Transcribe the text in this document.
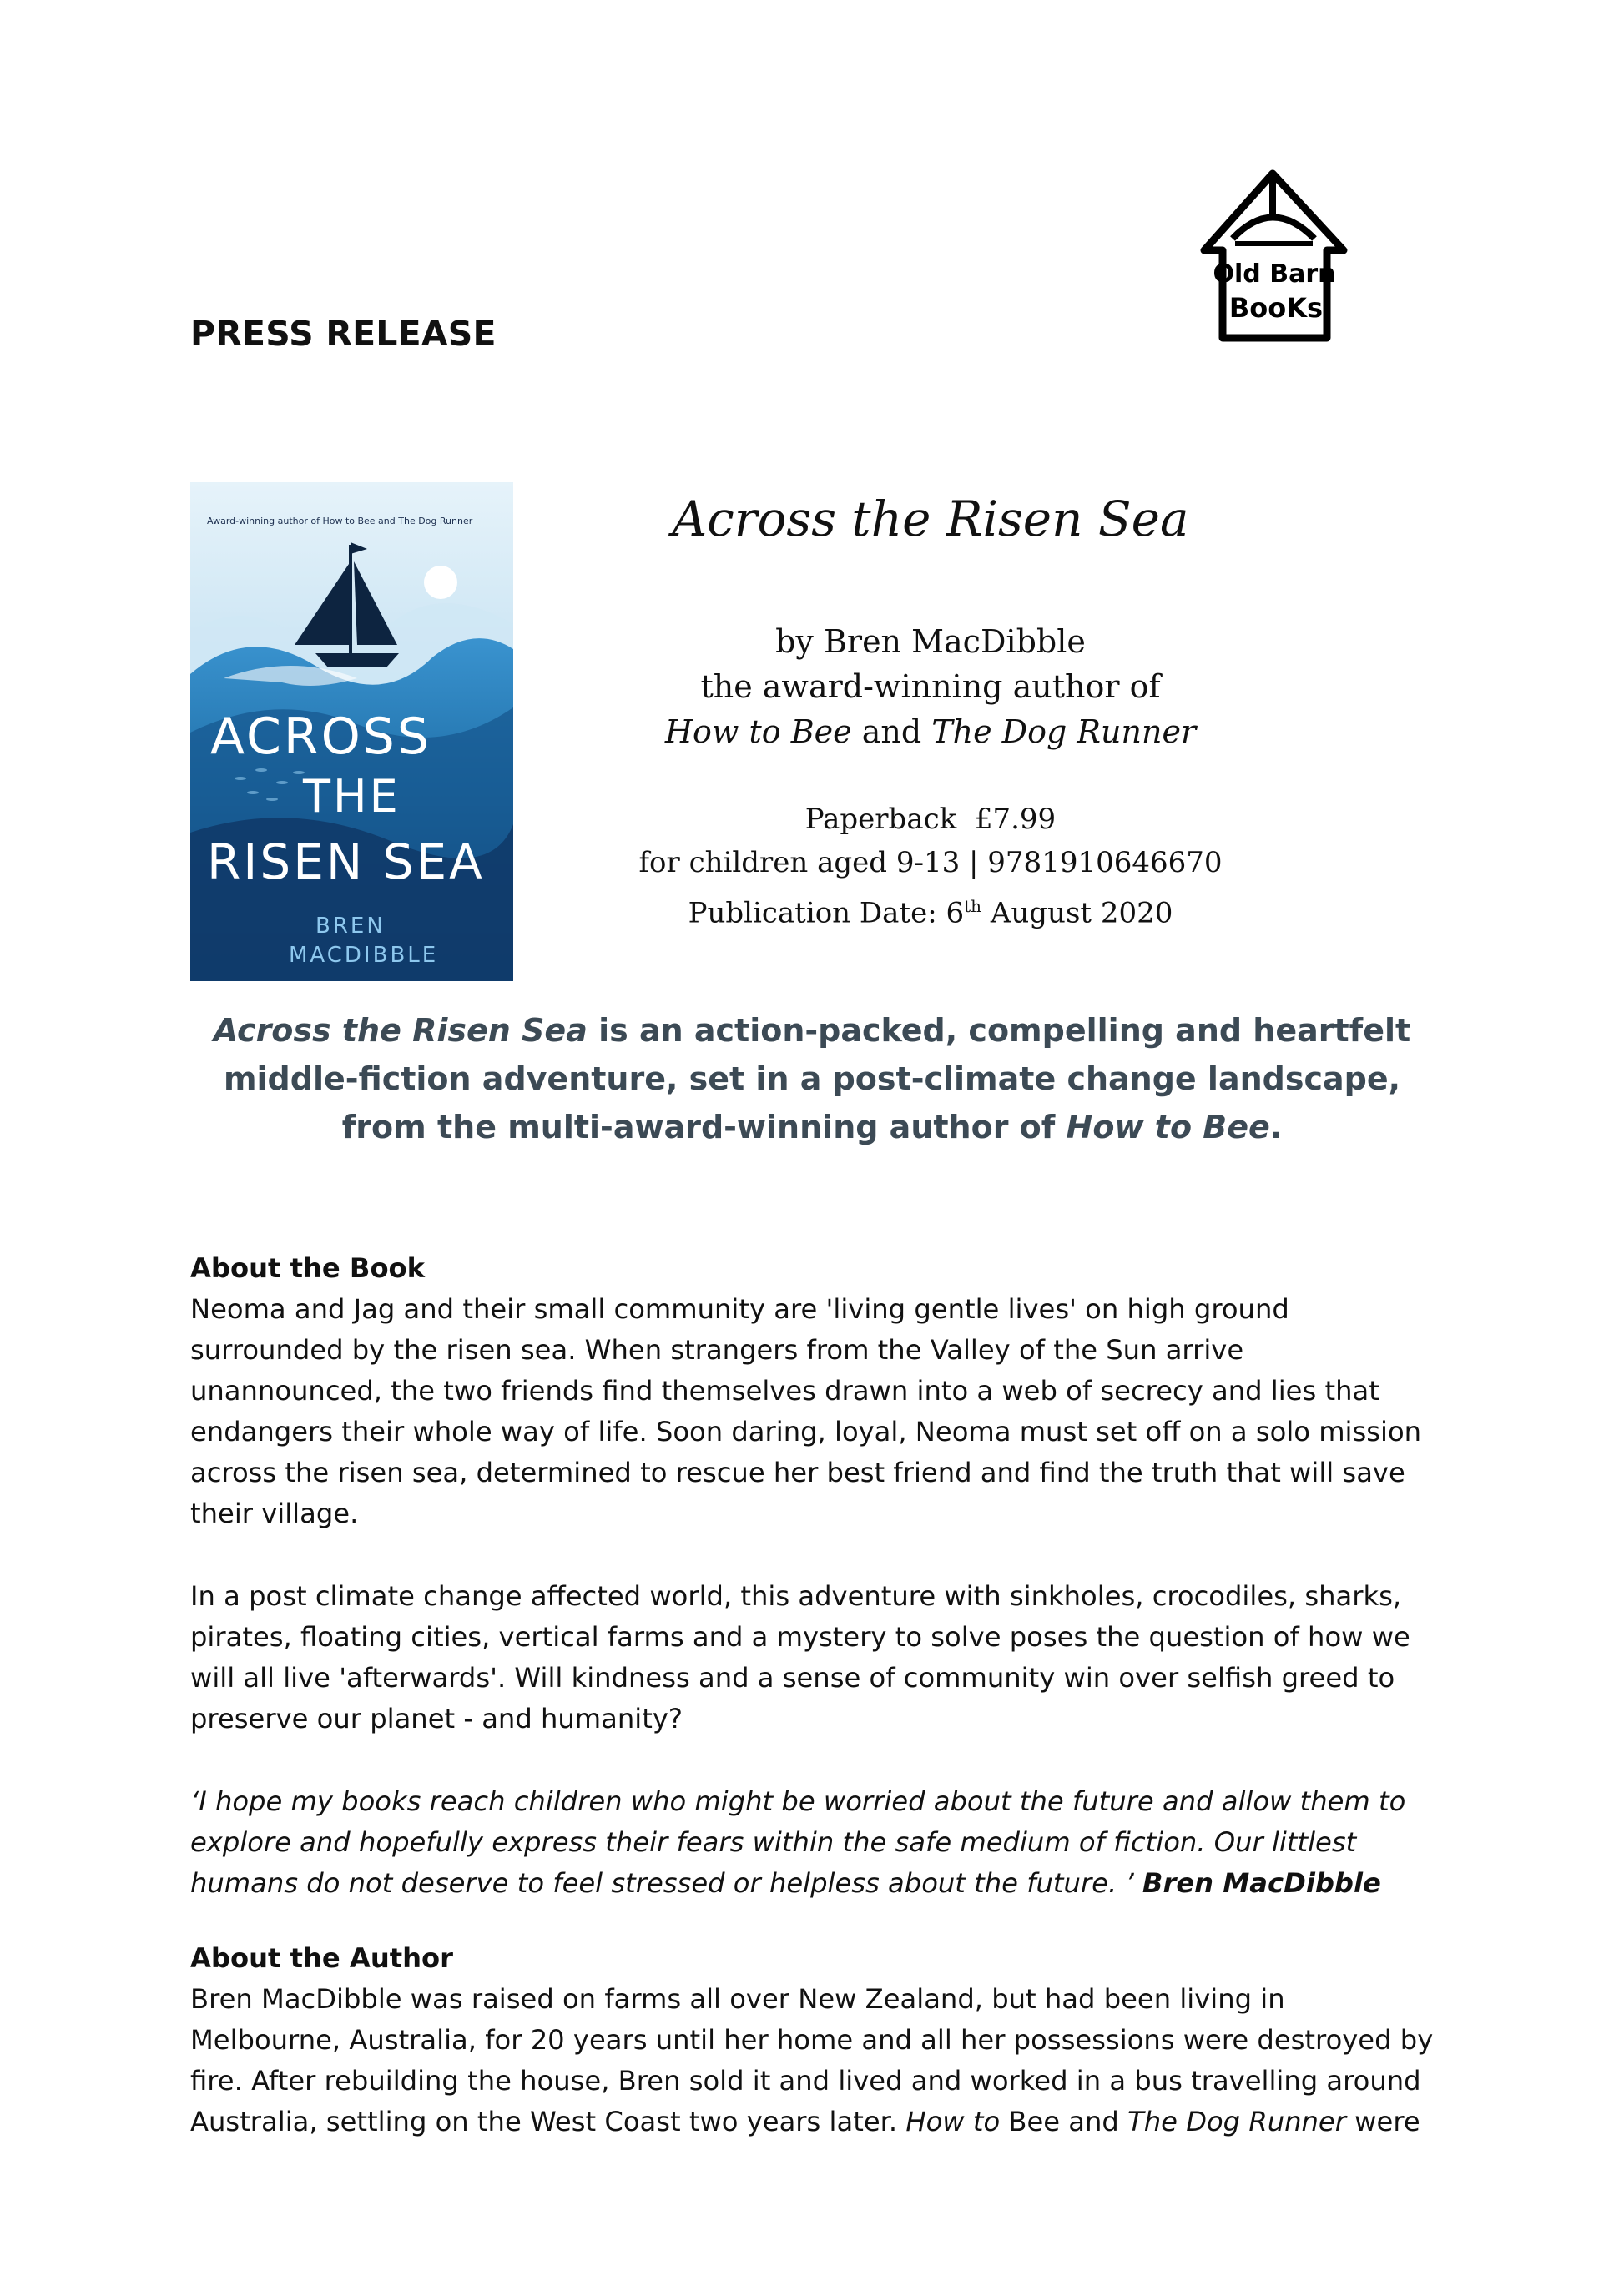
PRESS RELEASE
Old Barn
BooKs
Award-winning author of How to Bee and The Dog Runner
ACROSS
THE
RISEN SEA
BREN
MACDIBBLE
Across the Risen Sea
by Bren MacDibble
the award-winning author of
How to Bee and The Dog Runner
Paperback  £7.99
for children aged 9-13 | 9781910646670
Publication Date: 6th August 2020
Across the Risen Sea is an action-packed, compelling and heartfelt middle-fiction adventure, set in a post-climate change landscape, from the multi-award-winning author of How to Bee.
About the Book
Neoma and Jag and their small community are 'living gentle lives' on high ground surrounded by the risen sea. When strangers from the Valley of the Sun arrive unannounced, the two friends find themselves drawn into a web of secrecy and lies that endangers their whole way of life. Soon daring, loyal, Neoma must set off on a solo mission across the risen sea, determined to rescue her best friend and find the truth that will save their village.
In a post climate change affected world, this adventure with sinkholes, crocodiles, sharks, pirates, floating cities, vertical farms and a mystery to solve poses the question of how we will all live 'afterwards'. Will kindness and a sense of community win over selfish greed to preserve our planet - and humanity?
‘I hope my books reach children who might be worried about the future and allow them to explore and hopefully express their fears within the safe medium of fiction. Our littlest humans do not deserve to feel stressed or helpless about the future. ’ Bren MacDibble
About the Author
Bren MacDibble was raised on farms all over New Zealand, but had been living in Melbourne, Australia, for 20 years until her home and all her possessions were destroyed by fire. After rebuilding the house, Bren sold it and lived and worked in a bus travelling around Australia, settling on the West Coast two years later. How to Bee and The Dog Runner were
